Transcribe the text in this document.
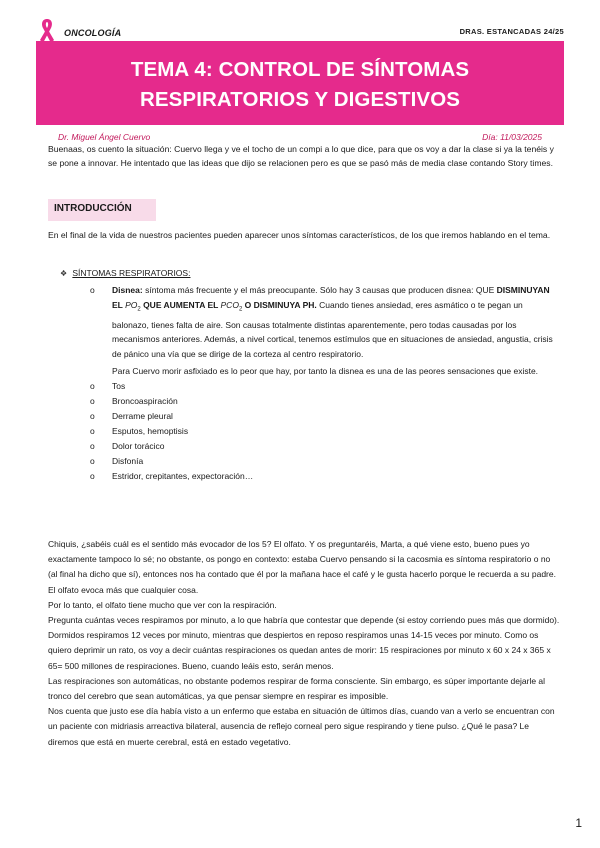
ONCOLOGÍA	DRAS. ESTANCADAS 24/25
TEMA 4: CONTROL DE SÍNTOMAS
RESPIRATORIOS Y DIGESTIVOS
Dr. Miguel Ángel Cuervo	Día: 11/03/2025

Buenaas, os cuento la situación: Cuervo llega y ve el tocho de un compi a lo que dice, para que os voy a dar la clase si ya la tenéis y se pone a innovar. He intentado que las ideas que dijo se relacionen pero es que se pasó más de media clase contando Story times.

INTRODUCCIÓN

En el final de la vida de nuestros pacientes pueden aparecer unos síntomas característicos, de los que iremos hablando en el tema.

❖ SÍNTOMAS RESPIRATORIOS:
o	Disnea: síntoma más frecuente y el más preocupante. Sólo hay 3 causas que producen disnea: QUE DISMINUYAN EL $PO_2$ QUE AUMENTA EL $PCO_2$ O DISMINUYA PH. Cuando tienes ansiedad, eres asmático o te pegan un balonazo, tienes falta de aire. Son causas totalmente distintas aparentemente, pero todas causadas por los mecanismos anteriores. Además, a nivel cortical, tenemos estímulos que en situaciones de ansiedad, angustia, crisis de pánico una vía que se dirige de la corteza al centro respiratorio.
Para Cuervo morir asfixiado es lo peor que hay, por tanto la disnea es una de las peores sensaciones que existe.
o	Tos
o	Broncoaspiración
o	Derrame pleural
o	Esputos, hemoptisis
o	Dolor torácico
o	Disfonía
o	Estridor, crepitantes, expectoración…

Chiquis, ¿sabéis cuál es el sentido más evocador de los 5? El olfato. Y os preguntaréis, Marta, a qué viene esto, bueno pues yo exactamente tampoco lo sé; no obstante, os pongo en contexto: estaba Cuervo pensando si la cacosmia es síntoma respiratorio o no (al final ha dicho que sí), entonces nos ha contado que él por la mañana hace el café y le gusta hacerlo porque le recuerda a su padre. El olfato evoca más que cualquier cosa.

Por lo tanto, el olfato tiene mucho que ver con la respiración.

Pregunta cuántas veces respiramos por minuto, a lo que habría que contestar que depende (si estoy corriendo pues más que dormido). Dormidos respiramos 12 veces por minuto, mientras que despiertos en reposo respiramos unas 14-15 veces por minuto. Como os quiero deprimir un rato, os voy a decir cuántas respiraciones os quedan antes de morir: 15 respiraciones por minuto x 60 x 24 x 365 x 65= 500 millones de respiraciones. Bueno, cuando leáis esto, serán menos.

Las respiraciones son automáticas, no obstante podemos respirar de forma consciente. Sin embargo, es súper importante dejarle al tronco del cerebro que sean automáticas, ya que pensar siempre en respirar es imposible.

Nos cuenta que justo ese día había visto a un enfermo que estaba en situación de últimos días, cuando van a verlo se encuentran con un paciente con midriasis arreactiva bilateral, ausencia de reflejo corneal pero sigue respirando y tiene pulso. ¿Qué le pasa? Le diremos que está en muerte cerebral, está en estado vegetativo.

1
